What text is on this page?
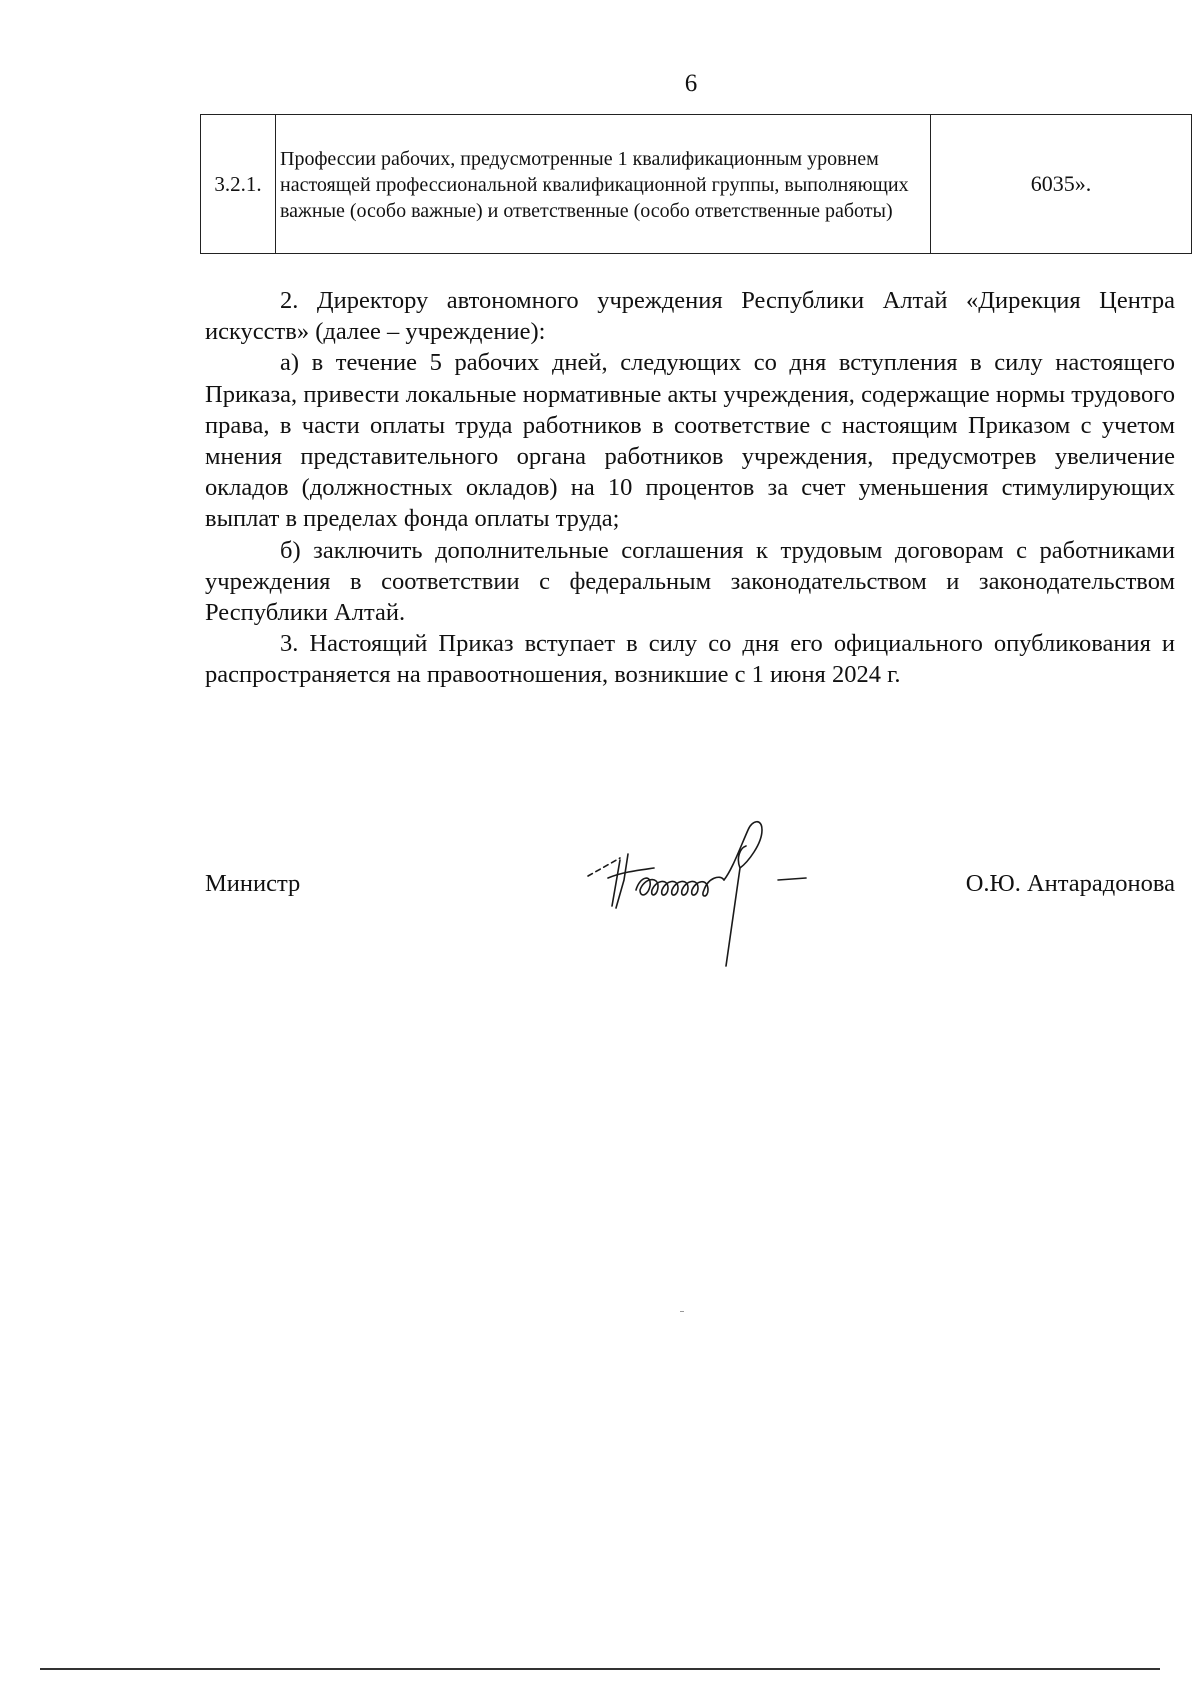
6
3.2.1.	Профессии рабочих, предусмотренные 1 квалификационным уровнем настоящей профессиональной квалификационной группы, выполняющих важные (особо важные) и ответственные (особо ответственные работы)	6035».

2. Директору автономного учреждения Республики Алтай «Дирекция Центра искусств» (далее – учреждение):

а) в течение 5 рабочих дней, следующих со дня вступления в силу настоящего Приказа, привести локальные нормативные акты учреждения, содержащие нормы трудового права, в части оплаты труда работников в соответствие с настоящим Приказом с учетом мнения представительного органа работников учреждения, предусмотрев увеличение окладов (должностных окладов) на 10 процентов за счет уменьшения стимулирующих выплат в пределах фонда оплаты труда;

б) заключить дополнительные соглашения к трудовым договорам с работниками учреждения в соответствии с федеральным законодательством и законодательством Республики Алтай.

3. Настоящий Приказ вступает в силу со дня его официального опубликования и распространяется на правоотношения, возникшие с 1 июня 2024 г.

Министр	О.Ю. Антарадонова
